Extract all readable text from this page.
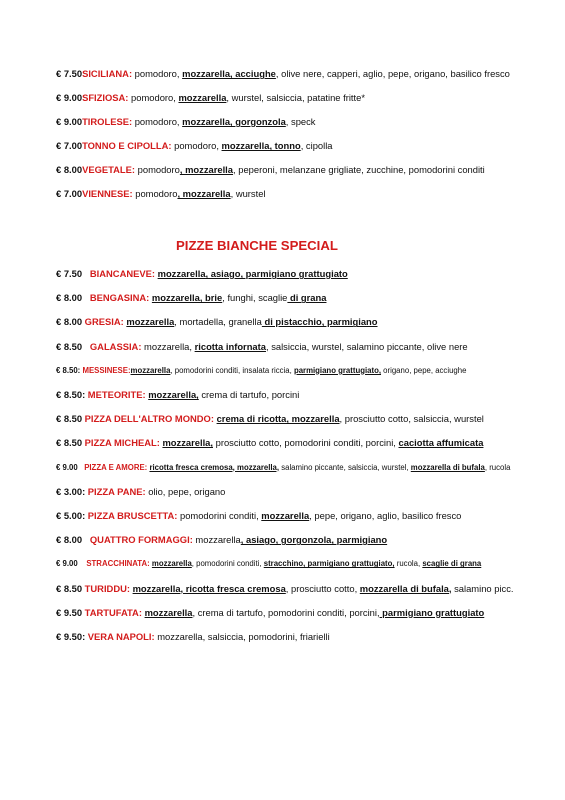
€ 7.50SICILIANA: pomodoro, mozzarella, acciughe, olive nere, capperi, aglio, pepe, origano, basilico fresco
€ 9.00SFIZIOSA: pomodoro, mozzarella, wurstel, salsiccia, patatine fritte*
€ 9.00TIROLESE: pomodoro, mozzarella, gorgonzola, speck
€ 7.00TONNO E CIPOLLA: pomodoro, mozzarella, tonno, cipolla
€ 8.00VEGETALE: pomodoro, mozzarella, peperoni, melanzane grigliate, zucchine, pomodorini conditi
€ 7.00VIENNESE: pomodoro, mozzarella, wurstel
PIZZE BIANCHE SPECIAL
€ 7.50   BIANCANEVE: mozzarella, asiago, parmigiano grattugiato
€ 8.00   BENGASINA: mozzarella, brie, funghi, scaglie di grana
€ 8.00 GRESIA: mozzarella, mortadella, granella di pistacchio, parmigiano
€ 8.50   GALASSIA: mozzarella, ricotta infornata, salsiccia, wurstel, salamino piccante, olive nere
€ 8.50: MESSINESE:mozzarella, pomodorini conditi, insalata riccia, parmigiano grattugiato, origano, pepe, acciughe
€ 8.50: METEORITE: mozzarella, crema di tartufo, porcini
€ 8.50 PIZZA DELL'ALTRO MONDO: crema di ricotta, mozzarella, prosciutto cotto, salsiccia, wurstel
€ 8.50 PIZZA MICHEAL: mozzarella, prosciutto cotto, pomodorini conditi, porcini, caciotta affumicata
€ 9.00   PIZZA E AMORE: ricotta fresca cremosa, mozzarella, salamino piccante, salsiccia, wurstel, mozzarella di bufala, rucola
€ 3.00: PIZZA PANE: olio, pepe, origano
€ 5.00: PIZZA BRUSCETTA: pomodorini conditi, mozzarella, pepe, origano, aglio, basilico fresco
€ 8.00   QUATTRO FORMAGGI: mozzarella, asiago, gorgonzola, parmigiano
€ 9.00    STRACCHINATA: mozzarella, pomodorini conditi, stracchino, parmigiano grattugiato, rucola, scaglie di grana
€ 8.50 TURIDDU: mozzarella, ricotta fresca cremosa, prosciutto cotto, mozzarella di bufala, salamino picc.
€ 9.50 TARTUFATA: mozzarella, crema di tartufo, pomodorini conditi, porcini, parmigiano grattugiato
€ 9.50: VERA NAPOLI: mozzarella, salsiccia, pomodorini, friarielli
